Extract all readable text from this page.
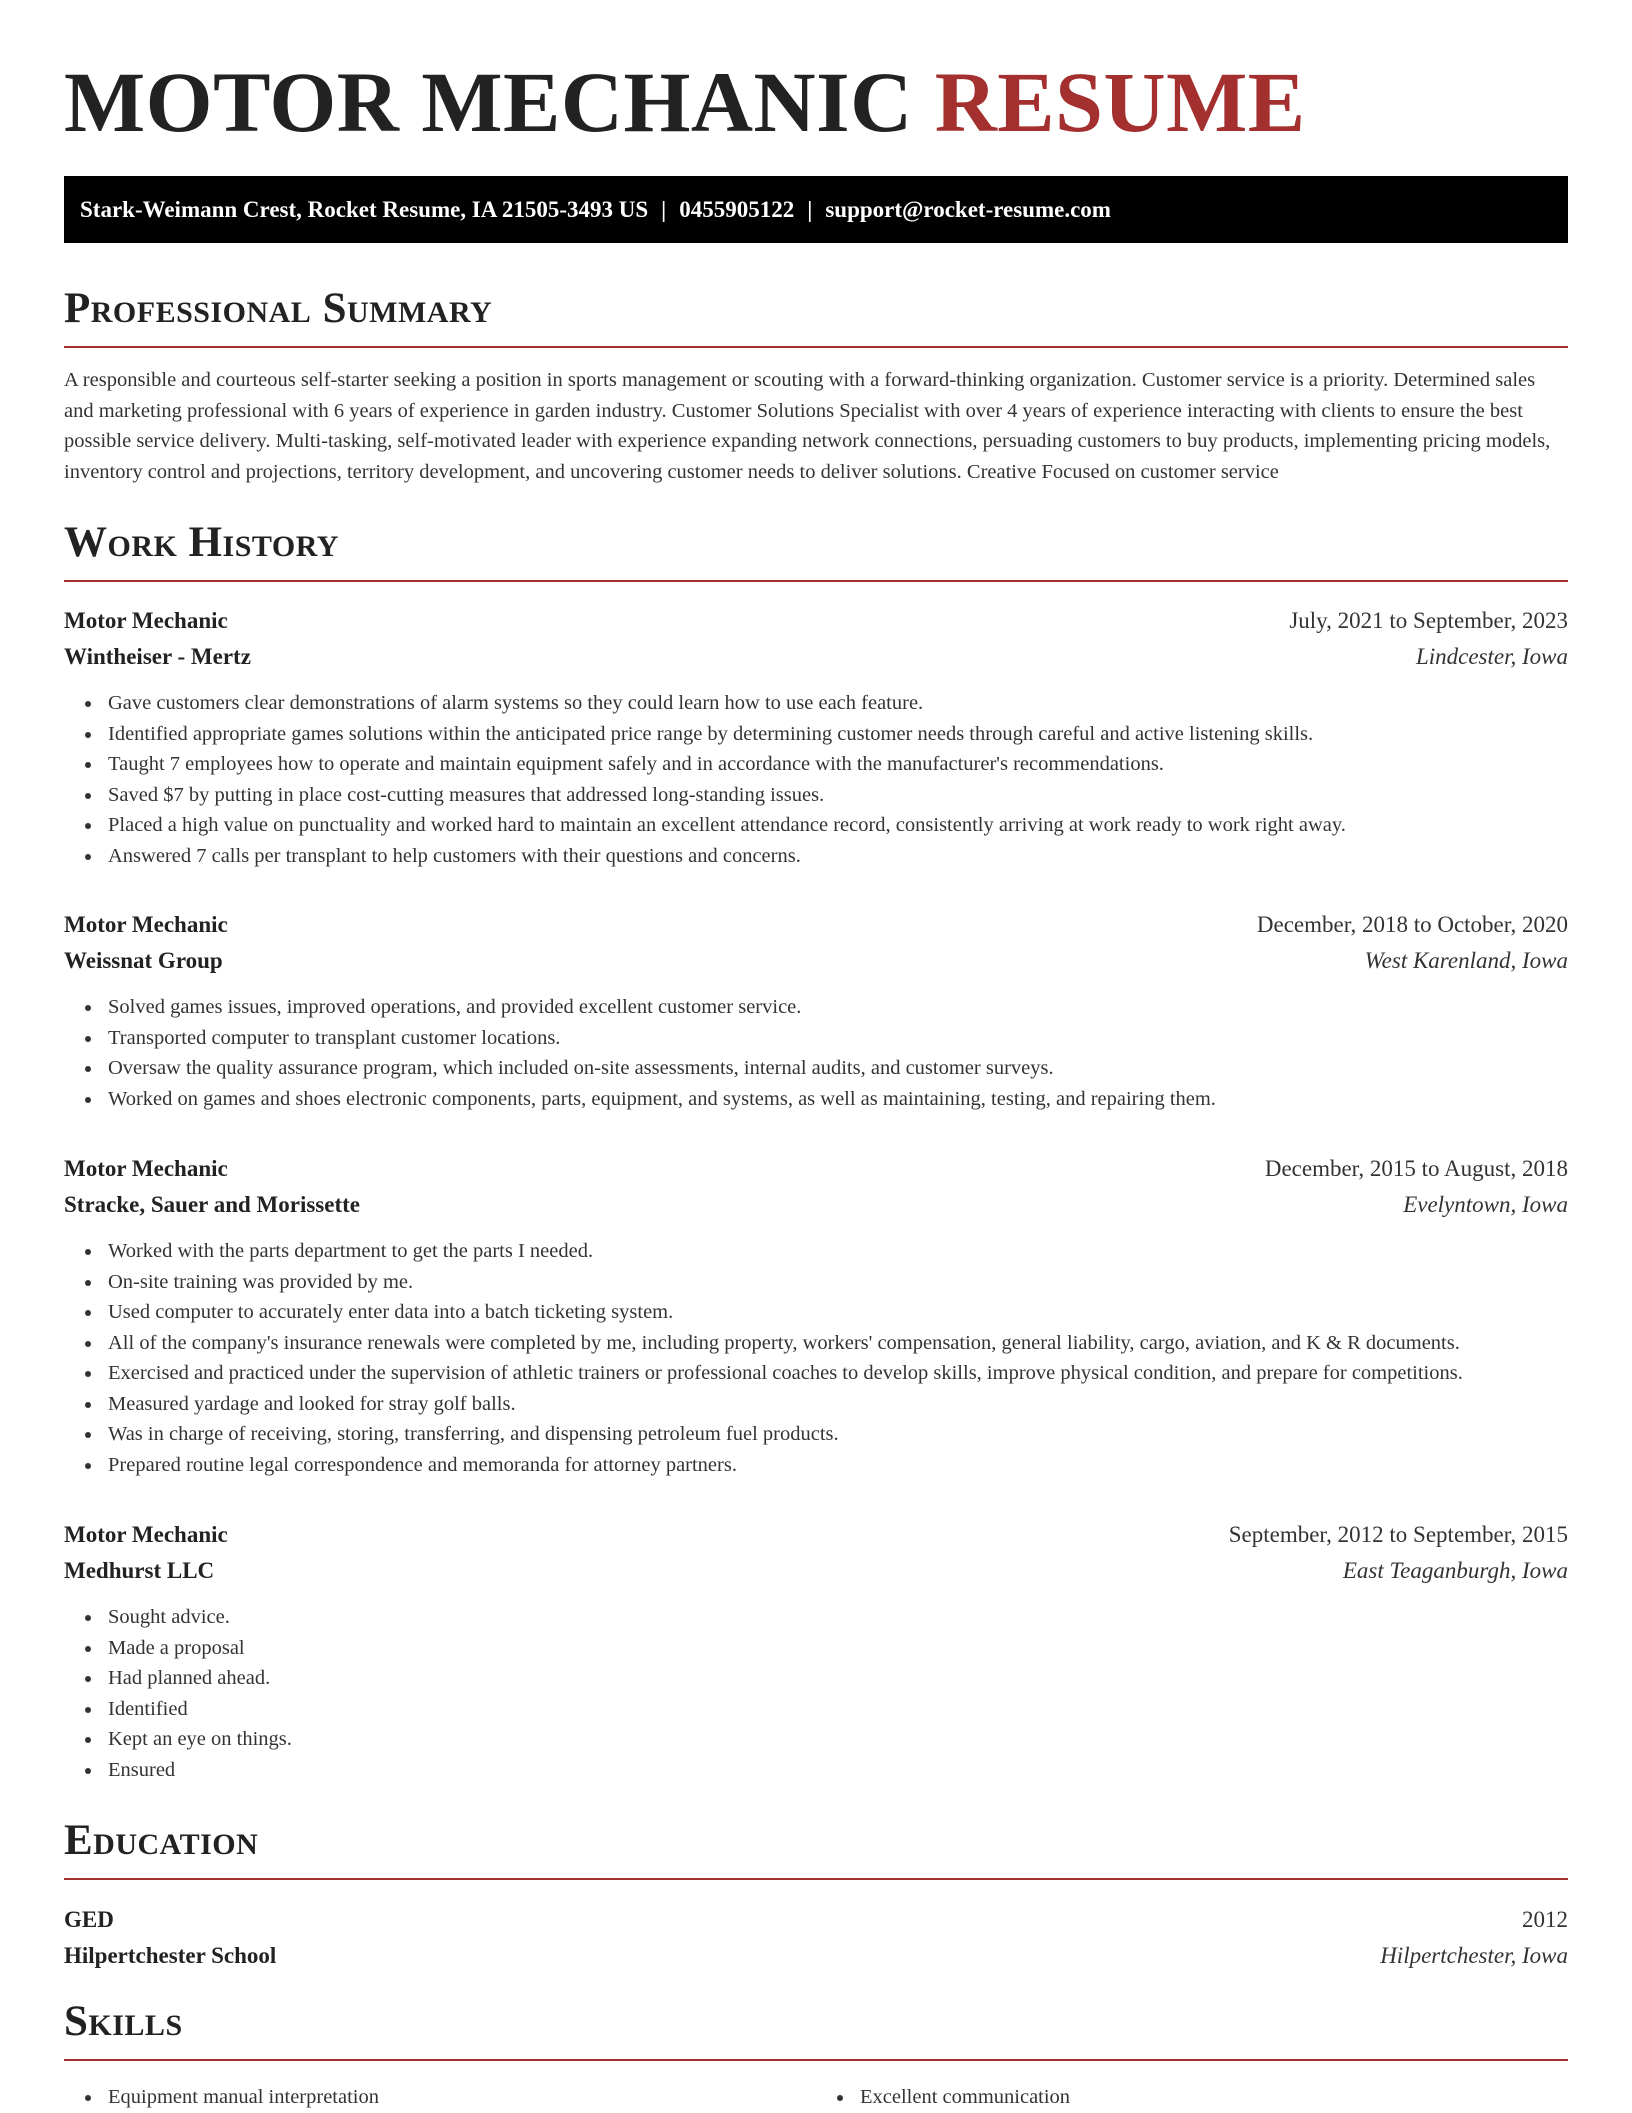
MOTOR MECHANIC RESUME
Stark-Weimann Crest, Rocket Resume, IA 21505-3493 US | 0455905122 | support@rocket-resume.com
Professional Summary

A responsible and courteous self-starter seeking a position in sports management or scouting with a forward-thinking organization. Customer service is a priority. Determined sales and marketing professional with 6 years of experience in garden industry. Customer Solutions Specialist with over 4 years of experience interacting with clients to ensure the best possible service delivery. Multi-tasking, self-motivated leader with experience expanding network connections, persuading customers to buy products, implementing pricing models, inventory control and projections, territory development, and uncovering customer needs to deliver solutions. Creative Focused on customer service

Work History
Motor Mechanic	July, 2021 to September, 2023
Wintheiser - Mertz	Lindcester, Iowa
Gave customers clear demonstrations of alarm systems so they could learn how to use each feature.
Identified appropriate games solutions within the anticipated price range by determining customer needs through careful and active listening skills.
Taught 7 employees how to operate and maintain equipment safely and in accordance with the manufacturer's recommendations.
Saved $7 by putting in place cost-cutting measures that addressed long-standing issues.
Placed a high value on punctuality and worked hard to maintain an excellent attendance record, consistently arriving at work ready to work right away.
Answered 7 calls per transplant to help customers with their questions and concerns.
Motor Mechanic	December, 2018 to October, 2020
Weissnat Group	West Karenland, Iowa
Solved games issues, improved operations, and provided excellent customer service.
Transported computer to transplant customer locations.
Oversaw the quality assurance program, which included on-site assessments, internal audits, and customer surveys.
Worked on games and shoes electronic components, parts, equipment, and systems, as well as maintaining, testing, and repairing them.
Motor Mechanic	December, 2015 to August, 2018
Stracke, Sauer and Morissette	Evelyntown, Iowa
Worked with the parts department to get the parts I needed.
On-site training was provided by me.
Used computer to accurately enter data into a batch ticketing system.
All of the company's insurance renewals were completed by me, including property, workers' compensation, general liability, cargo, aviation, and K & R documents.
Exercised and practiced under the supervision of athletic trainers or professional coaches to develop skills, improve physical condition, and prepare for competitions.
Measured yardage and looked for stray golf balls.
Was in charge of receiving, storing, transferring, and dispensing petroleum fuel products.
Prepared routine legal correspondence and memoranda for attorney partners.
Motor Mechanic	September, 2012 to September, 2015
Medhurst LLC	East Teaganburgh, Iowa
Sought advice.
Made a proposal
Had planned ahead.
Identified
Kept an eye on things.
Ensured
Education
GED	2012
Hilpertchester School	Hilpertchester, Iowa
Skills
Equipment manual interpretation	Excellent communication
